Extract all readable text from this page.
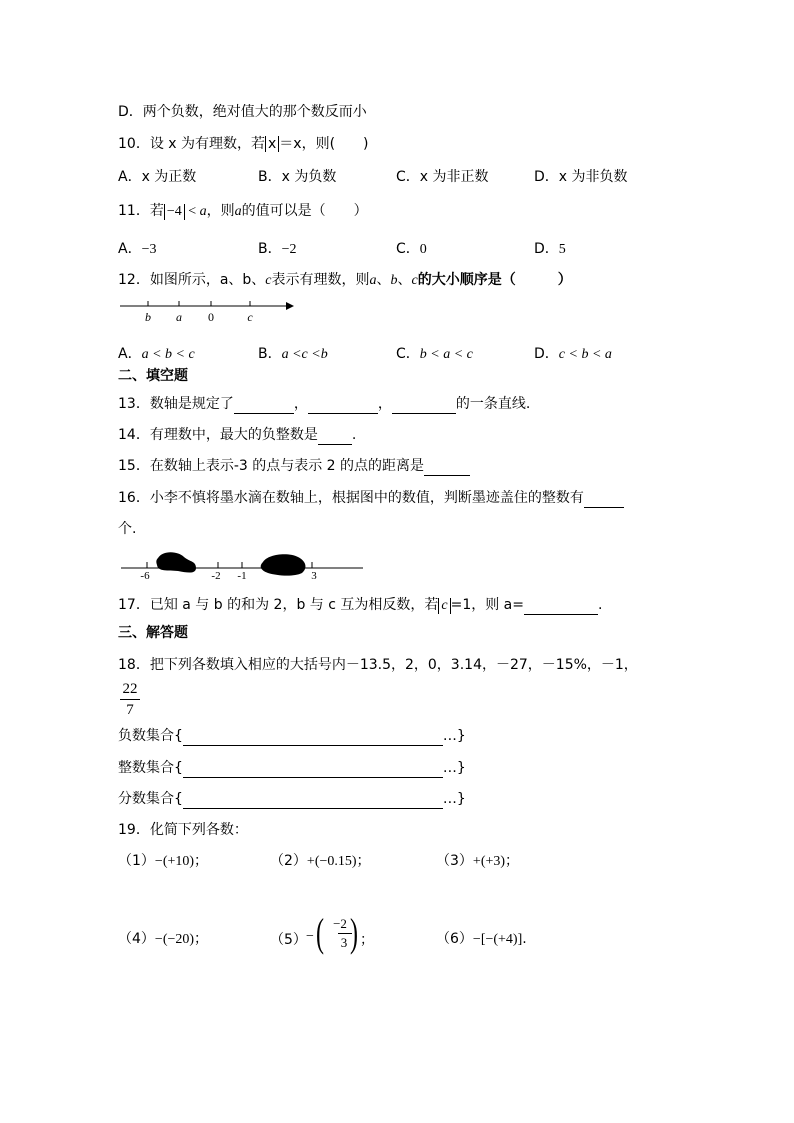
D．两个负数，绝对值大的那个数反而小
10．设 x 为有理数，若 x ＝x，则(　　)
A．x 为正数	B．x 为负数	C．x 为非正数	D．x 为非负数
11．若 −4 < a，则a的值可以是（　　）
A．−3	B．−2	C．0	D．5
12．如图所示，a、b、c表示有理数，则a、b、c的大小顺序是（　　　）
b a 0	c
A．a < b < c	B．a <c <b	C．b < a < c	D．c < b < a
二、填空题
13．数轴是规定了	，	，	的一条直线.
14．有理数中，最大的负整数是 .
15．在数轴上表示-3 的点与表示 2 的点的距离是
16．小李不慎将墨水滴在数轴上，根据图中的数值，判断墨迹盖住的整数有
个.
-6	-2 -1	3
17．已知 a 与 b 的和为 2，b 与 c 互为相反数，若 c =1，则 a=	.
三、解答题
18．把下列各数填入相应的大括号内－13.5，2，0，3.14，－27，－15%，－1，
22
7
负数集合{	…}
整数集合{	…}
分数集合{	…}
19．化简下列各数：
（1）−(+10)；	（2）+(−0.15)；	（3）+(+3)；
（4）−(−20)；	（5） − ( −2
3 ) ；	（6）−[−(+4)].
